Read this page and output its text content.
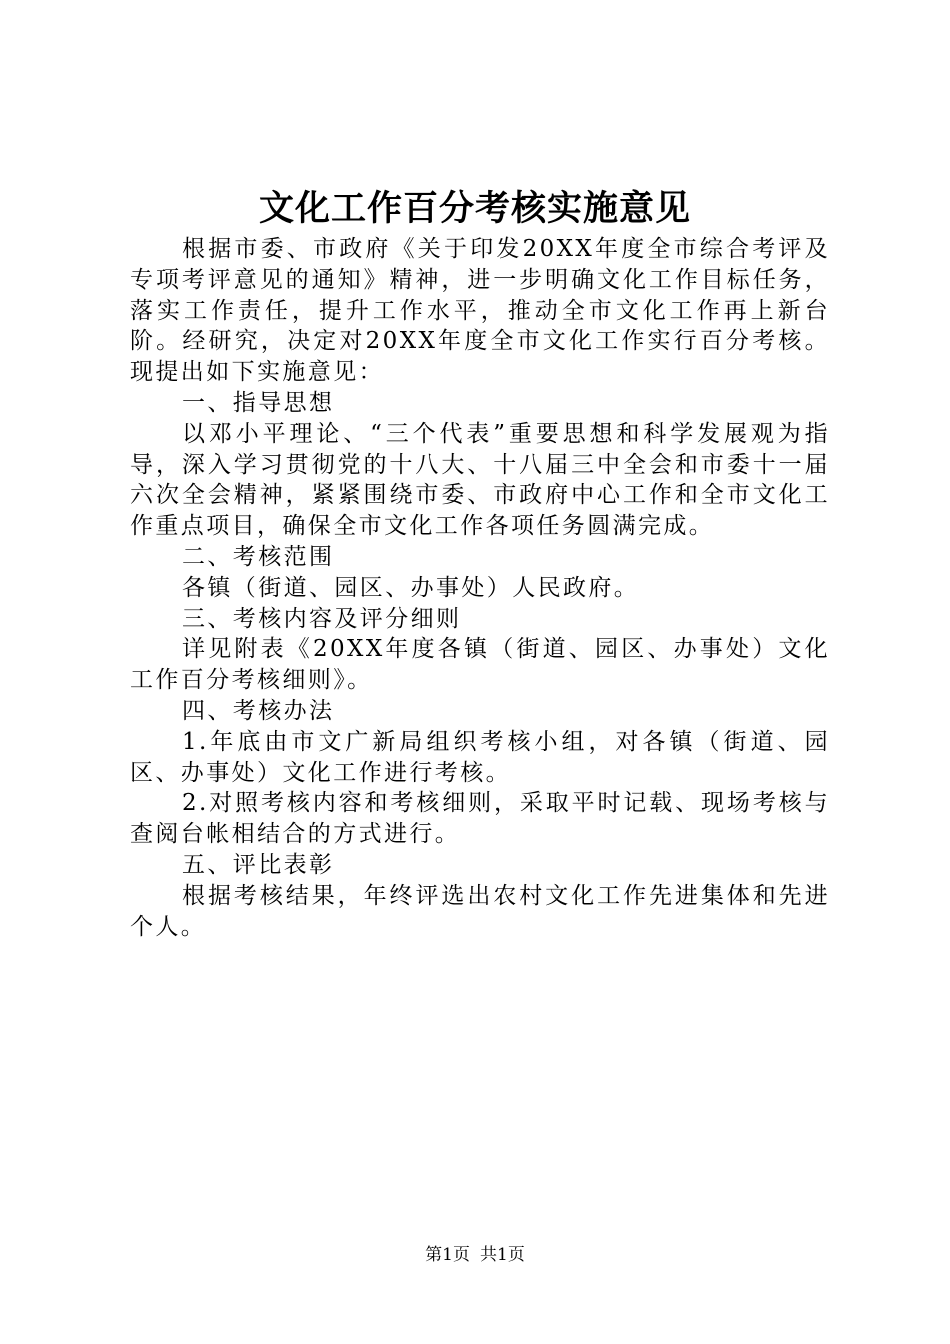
文化工作百分考核实施意见

根据市委、市政府《关于印发20XX年度全市综合考评及专项考评意见的通知》精神，进一步明确文化工作目标任务，落实工作责任，提升工作水平，推动全市文化工作再上新台阶。经研究，决定对20XX年度全市文化工作实行百分考核。现提出如下实施意见：

一、指导思想

以邓小平理论、“三个代表”重要思想和科学发展观为指导，深入学习贯彻党的十八大、十八届三中全会和市委十一届六次全会精神，紧紧围绕市委、市政府中心工作和全市文化工作重点项目，确保全市文化工作各项任务圆满完成。

二、考核范围

各镇（街道、园区、办事处）人民政府。

三、考核内容及评分细则

详见附表《20XX年度各镇（街道、园区、办事处）文化工作百分考核细则》。

四、考核办法

1.年底由市文广新局组织考核小组，对各镇（街道、园区、办事处）文化工作进行考核。

2.对照考核内容和考核细则，采取平时记载、现场考核与查阅台帐相结合的方式进行。

五、评比表彰

根据考核结果，年终评选出农村文化工作先进集体和先进个人。

第1页 共1页
